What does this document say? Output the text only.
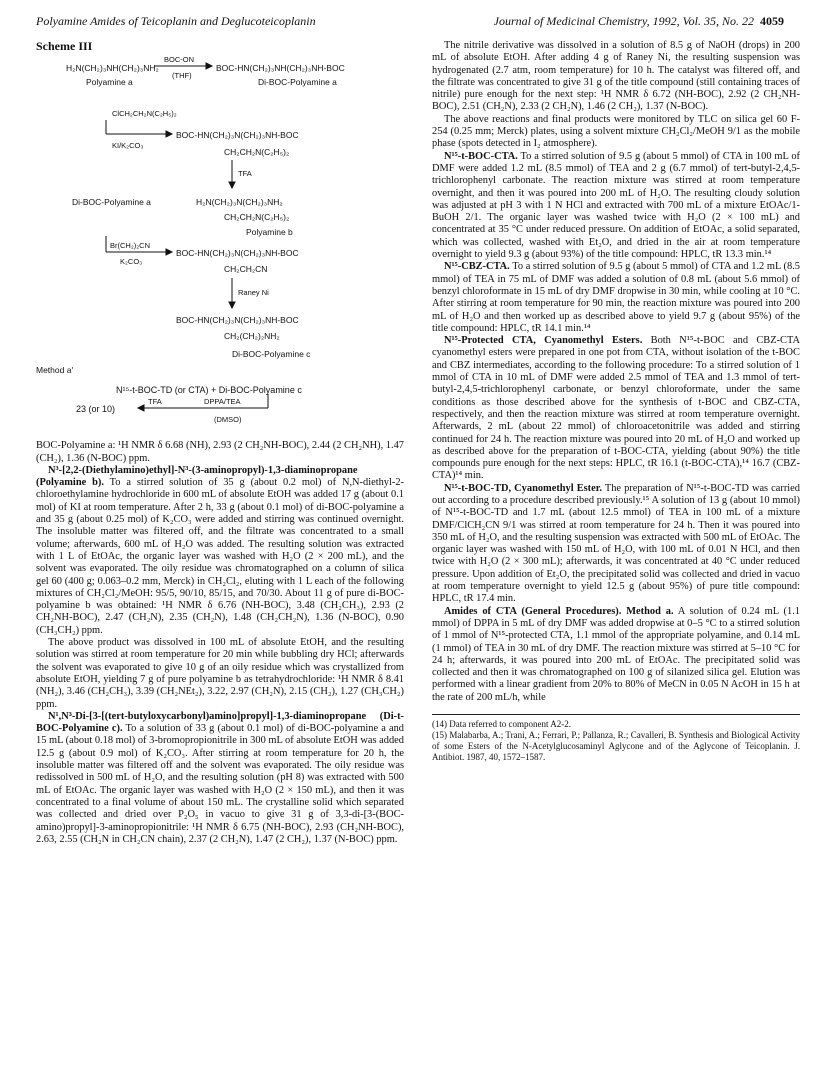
Polyamine Amides of Teicoplanin and Deglucoteicoplanin	Journal of Medicinal Chemistry, 1992, Vol. 35, No. 22 4059
Scheme III
H₂N(CH₂)₃NH(CH₂)₃NH₂
BOC-ON
(THF)
BOC-HN(CH₂)₃NH(CH₂)₃NH-BOC
Polyamine a	Di-BOC-Polyamine a
ClCH₂CH₂N(C₂H₅)₂
KI/K₂CO₃
BOC-HN(CH₂)₃N(CH₂)₃NH-BOC
CH₂CH₂N(C₂H₅)₂
TFA
Di-BOC-Polyamine a	H₂N(CH₂)₃N(CH₂)₃NH₂
CH₂CH₂N(C₂H₅)₂
Polyamine b
Br(CH₂)₂CN
K₂CO₃
BOC-HN(CH₂)₃N(CH₂)₃NH-BOC
CH₂CH₂CN
Raney Ni
BOC-HN(CH₂)₃N(CH₂)₃NH-BOC
CH₂(CH₂)₂NH₂
Di-BOC-Polyamine c
Method a'
N¹⁵-t-BOC-TD (or CTA) + Di-BOC-Polyamine c
23 (or 10)
TFA	DPPA/TEA
(DMSO)

BOC-Polyamine a: ¹H NMR δ 6.68 (NH), 2.93 (2 CH₂NH-BOC), 2.44 (2 CH₂NH), 1.47 (CH₂), 1.36 (N-BOC) ppm.

N³-[2,2-(Diethylamino)ethyl]-N³-(3-aminopropyl)-1,3-diaminopropane (Polyamine b). To a stirred solution of 35 g (about 0.2 mol) of N,N-diethyl-2-chloroethylamine hydrochloride in 600 mL of absolute EtOH was added 17 g (about 0.1 mol) of KI at room temperature. After 2 h, 33 g (about 0.1 mol) of di-BOC-polyamine a and 35 g (about 0.25 mol) of K₂CO₃ were added and stirring was continued overnight. The insoluble matter was filtered off, and the filtrate was concentrated to a small volume; afterwards, 600 mL of H₂O was added. The resulting solution was extracted with 1 L of EtOAc, the organic layer was washed with H₂O (2 × 200 mL), and the solvent was evaporated. The oily residue was chromatographed on a column of silica gel 60 (400 g; 0.063–0.2 mm, Merck) in CH₂Cl₂, eluting with 1 L each of the following mixtures of CH₂Cl₂/MeOH: 95/5, 90/10, 85/15, and 70/30. About 11 g of pure di-BOC-polyamine b was obtained: ¹H NMR δ 6.76 (NH-BOC), 3.48 (CH₂CH₃), 2.93 (2 CH₂NH-BOC), 2.47 (CH₂N), 2.35 (CH₂N), 1.48 (CH₂CH₂N), 1.36 (N-BOC), 0.90 (CH₃CH₂) ppm.

The above product was dissolved in 100 mL of absolute EtOH, and the resulting solution was stirred at room temperature for 20 min while bubbling dry HCl; afterwards the solvent was evaporated to give 10 g of an oily residue which was crystallized from absolute EtOH, yielding 7 g of pure polyamine b as tetrahydrochloride: ¹H NMR δ 8.41 (NH₂), 3.46 (CH₂CH₃), 3.39 (CH₂NEt₂), 3.22, 2.97 (CH₂N), 2.15 (CH₂), 1.27 (CH₃CH₂) ppm.

N¹,N³-Di-[3-[(tert-butyloxycarbonyl)amino]propyl]-1,3-diaminopropane (Di-t-BOC-Polyamine c). To a solution of 33 g (about 0.1 mol) of di-BOC-polyamine a and 15 mL (about 0.18 mol) of 3-bromopropionitrile in 300 mL of absolute EtOH was added 12.5 g (about 0.9 mol) of K₂CO₃. After stirring at room temperature for 20 h, the insoluble matter was filtered off and the solvent was evaporated. The oily residue was redissolved in 500 mL of H₂O, and the resulting solution (pH 8) was extracted with 500 mL of EtOAc. The organic layer was washed with H₂O (2 × 150 mL), and then it was concentrated to a final volume of about 150 mL. The crystalline solid which separated was collected and dried over P₂O₅ in vacuo to give 31 g of 3,3-di-[3-(BOC-amino)propyl]-3-aminopropionitrile: ¹H NMR δ 6.75 (NH-BOC), 2.93 (CH₂NH-BOC), 2.63, 2.55 (CH₂N in CH₂CN chain), 2.37 (2 CH₂N), 1.47 (2 CH₂), 1.37 (N-BOC) ppm.

The nitrile derivative was dissolved in a solution of 8.5 g of NaOH (drops) in 200 mL of absolute EtOH. After adding 4 g of Raney Ni, the resulting suspension was hydrogenated (2.7 atm, room temperature) for 10 h. The catalyst was filtered off, and the filtrate was concentrated to give 31 g of the title compound (still containing traces of nitrile) pure enough for the next step: ¹H NMR δ 6.72 (NH-BOC), 2.92 (2 CH₂NH-BOC), 2.51 (CH₂N), 2.33 (2 CH₂N), 1.46 (2 CH₂), 1.37 (N-BOC).

The above reactions and final products were monitored by TLC on silica gel 60 F-254 (0.25 mm; Merck) plates, using a solvent mixture CH₂Cl₂/MeOH 9/1 as the mobile phase (spots detected in I₂ atmosphere).

N¹⁵-t-BOC-CTA. To a stirred solution of 9.5 g (about 5 mmol) of CTA in 100 mL of DMF were added 1.2 mL (8.5 mmol) of TEA and 2 g (6.7 mmol) of tert-butyl-2,4,5-trichlorophenyl carbonate. The reaction mixture was stirred at room temperature overnight, and then it was poured into 200 mL of H₂O. The resulting cloudy solution was adjusted at pH 3 with 1 N HCl and extracted with 700 mL of a mixture EtOAc/1-BuOH 2/1. The organic layer was washed twice with H₂O (2 × 100 mL) and concentrated at 35 °C under reduced pressure. On addition of EtOAc, a solid separated, which was collected, washed with Et₂O, and dried in the air at room temperature overnight to yield 9.3 g (about 93%) of the title compound: HPLC, tR 13.3 min.¹⁴

N¹⁵-CBZ-CTA. To a stirred solution of 9.5 g (about 5 mmol) of CTA and 1.2 mL (8.5 mmol) of TEA in 75 mL of DMF was added a solution of 0.8 mL (about 5.6 mmol) of benzyl chloroformate in 15 mL of dry DMF dropwise in 30 min, while cooling at 10 °C. After stirring at room temperature for 90 min, the reaction mixture was poured into 200 mL of H₂O and then worked up as described above to yield 9.7 g (about 95%) of the title compound: HPLC, tR 14.1 min.¹⁴

N¹⁵-Protected CTA, Cyanomethyl Esters. Both N¹⁵-t-BOC and CBZ-CTA cyanomethyl esters were prepared in one pot from CTA, without isolation of the t-BOC and CBZ intermediates, according to the following procedure: To a stirred solution of 1 mmol of CTA in 10 mL of DMF were added 2.5 mmol of TEA and 1.3 mmol of tert-butyl-2,4,5-trichlorophenyl carbonate, or benzyl chloroformate, under the same conditions as those described above for the synthesis of t-BOC and CBZ-CTA, respectively, and then the reaction mixture was stirred at room temperature overnight. Afterwards, 2 mL (about 22 mmol) of chloroacetonitrile was added and stirring continued for 24 h. The reaction mixture was poured into 20 mL of H₂O and worked up as described above for the preparation of t-BOC-CTA, yielding (about 90%) the title compounds pure enough for the next steps: HPLC, tR 16.1 (t-BOC-CTA),¹⁴ 16.7 (CBZ-CTA)¹⁴ min.

N¹⁵-t-BOC-TD, Cyanomethyl Ester. The preparation of N¹⁵-t-BOC-TD was carried out according to a procedure described previously.¹⁵ A solution of 13 g (about 10 mmol) of N¹⁵-t-BOC-TD and 1.7 mL (about 12.5 mmol) of TEA in 100 mL of a mixture DMF/ClCH₂CN 9/1 was stirred at room temperature for 24 h. Then it was poured into 350 mL of H₂O, and the resulting suspension was extracted with 500 mL of EtOAc. The organic layer was washed with 150 mL of H₂O, with 100 mL of 0.01 N HCl, and then twice with H₂O (2 × 300 mL); afterwards, it was concentrated at 40 °C under reduced pressure. Upon addition of Et₂O, the precipitated solid was collected and dried in vacuo at room temperature overnight to yield 12.5 g (about 95%) of pure title compound: HPLC, tR 17.4 min.

Amides of CTA (General Procedures). Method a. A solution of 0.24 mL (1.1 mmol) of DPPA in 5 mL of dry DMF was added dropwise at 0–5 °C to a stirred solution of 1 mmol of N¹⁵-protected CTA, 1.1 mmol of the appropriate polyamine, and 0.14 mL (1 mmol) of TEA in 30 mL of dry DMF. The reaction mixture was stirred at 5–10 °C for 24 h; afterwards, it was poured into 200 mL of EtOAc. The precipitated solid was collected and then it was chromatographed on 100 g of silanized silica gel. Elution was performed with a linear gradient from 20% to 80% of MeCN in 0.05 N AcOH in 15 h at the rate of 200 mL/h, while

(14) Data referred to component A2-2.

(15) Malabarba, A.; Trani, A.; Ferrari, P.; Pallanza, R.; Cavalleri, B. Synthesis and Biological Activity of some Esters of the N-Acetylglucosaminyl Aglycone and of the Aglycone of Teicoplanin. J. Antibiot. 1987, 40, 1572–1587.
